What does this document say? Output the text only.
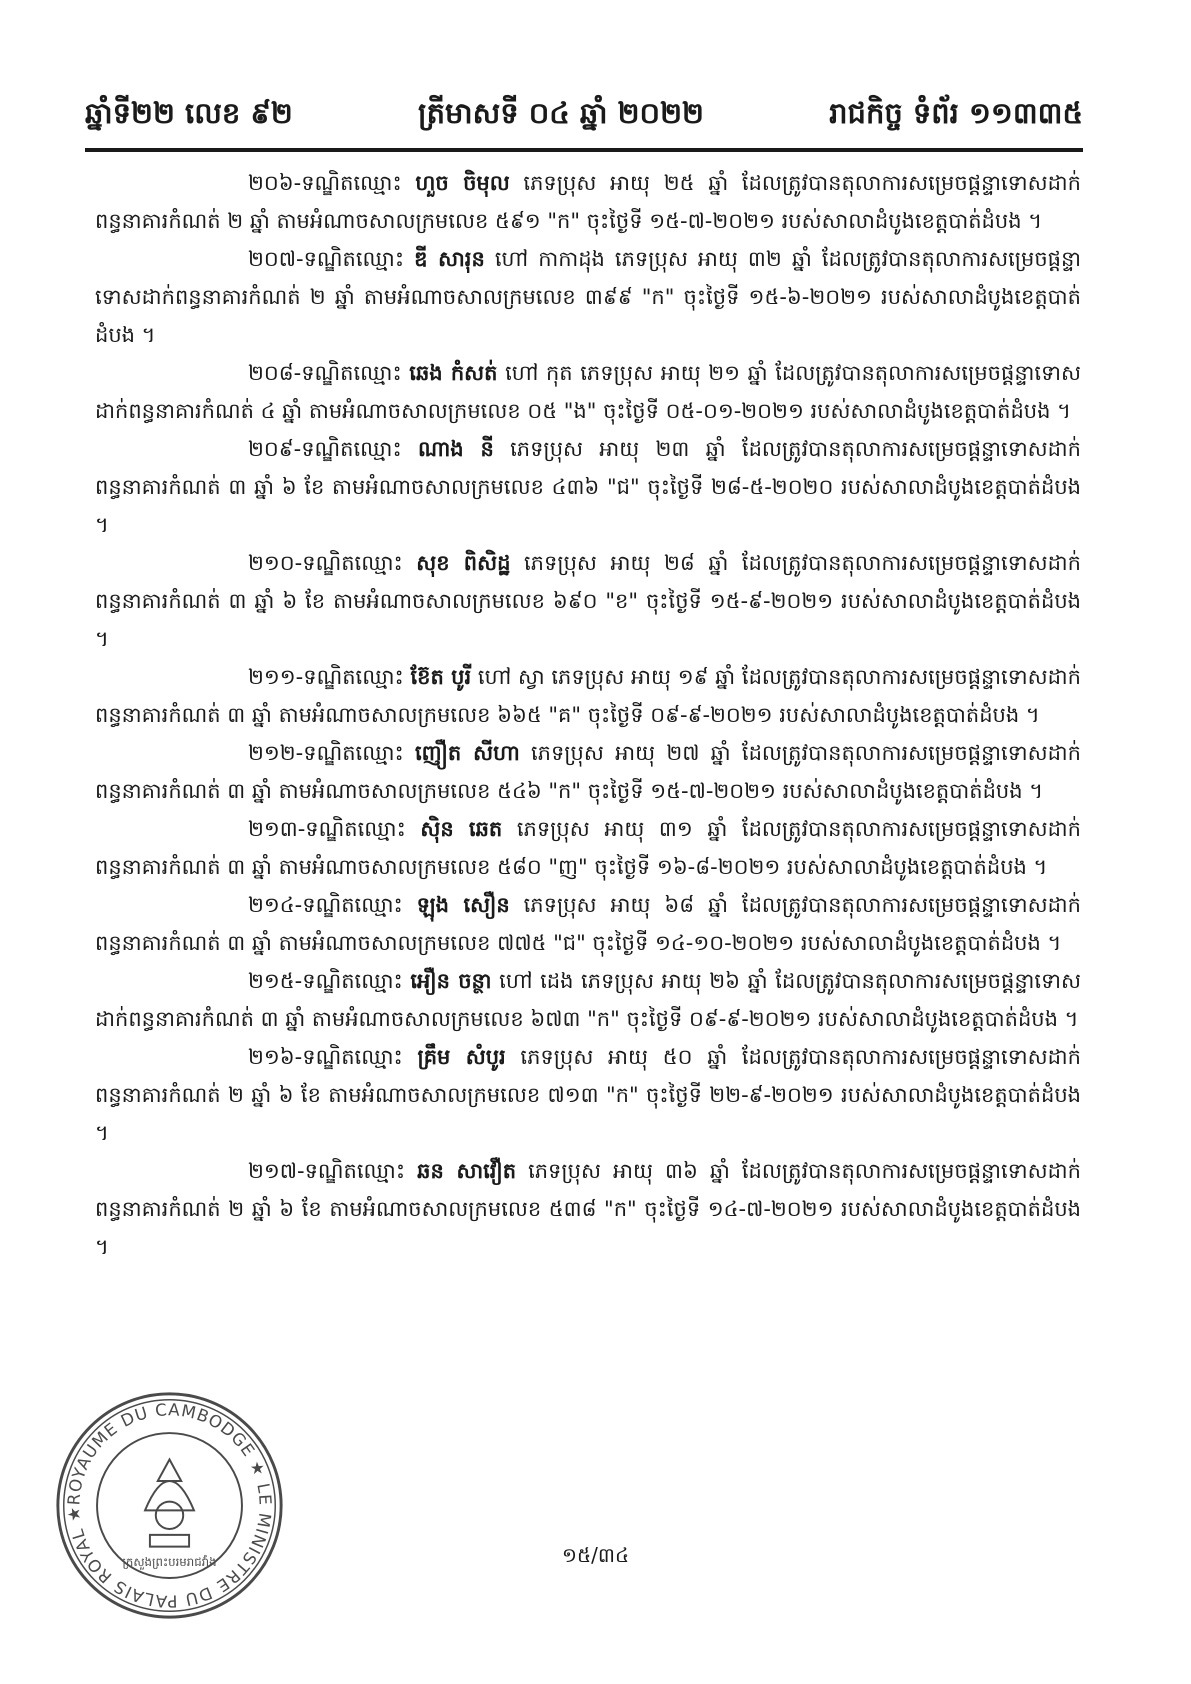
ឆ្នាំទី២២ លេខ ៩២	ត្រីមាសទី ០៤ ឆ្នាំ ២០២២	រាជកិច្ច ទំព័រ ១១៣៣៥

២០៦-ទណ្ឌិតឈ្មោះ ហួច ចិមុល ភេទប្រុស អាយុ ២៥ ឆ្នាំ ដែលត្រូវបានតុលាការសម្រេចផ្តន្ទាទោសដាក់ពន្ធនាគារកំណត់ ២ ឆ្នាំ តាមអំណាចសាលក្រមលេខ ៥៩១ "ក" ចុះថ្ងៃទី ១៥-៧-២០២១ របស់សាលាដំបូងខេត្តបាត់ដំបង ។

២០៧-ទណ្ឌិតឈ្មោះ ឌី សារុន ហៅ កាកាដុង ភេទប្រុស អាយុ ៣២ ឆ្នាំ ដែលត្រូវបានតុលាការសម្រេចផ្តន្ទាទោសដាក់ពន្ធនាគារកំណត់ ២ ឆ្នាំ តាមអំណាចសាលក្រមលេខ ៣៩៩ "ក" ចុះថ្ងៃទី ១៥-៦-២០២១ របស់សាលាដំបូងខេត្តបាត់ដំបង ។

២០៨-ទណ្ឌិតឈ្មោះ ឆេង កំសត់ ហៅ កុត ភេទប្រុស អាយុ ២១ ឆ្នាំ ដែលត្រូវបានតុលាការសម្រេចផ្តន្ទាទោសដាក់ពន្ធនាគារកំណត់ ៤ ឆ្នាំ តាមអំណាចសាលក្រមលេខ ០៥ "ង" ចុះថ្ងៃទី ០៥-០១-២០២១ របស់សាលាដំបូងខេត្តបាត់ដំបង ។

២០៩-ទណ្ឌិតឈ្មោះ ណាង នី ភេទប្រុស អាយុ ២៣ ឆ្នាំ ដែលត្រូវបានតុលាការសម្រេចផ្តន្ទាទោសដាក់ពន្ធនាគារកំណត់ ៣ ឆ្នាំ ៦ ខែ តាមអំណាចសាលក្រមលេខ ៤៣៦ "ជ" ចុះថ្ងៃទី ២៨-៥-២០២០ របស់សាលាដំបូងខេត្តបាត់ដំបង ។

២១០-ទណ្ឌិតឈ្មោះ សុខ ពិសិដ្ឋ ភេទប្រុស អាយុ ២៨ ឆ្នាំ ដែលត្រូវបានតុលាការសម្រេចផ្តន្ទាទោសដាក់ពន្ធនាគារកំណត់ ៣ ឆ្នាំ ៦ ខែ តាមអំណាចសាលក្រមលេខ ៦៩០ "ខ" ចុះថ្ងៃទី ១៥-៩-២០២១ របស់សាលាដំបូងខេត្តបាត់ដំបង ។

២១១-ទណ្ឌិតឈ្មោះ ខ៊ែត បូរី ហៅ ស្វា ភេទប្រុស អាយុ ១៩ ឆ្នាំ ដែលត្រូវបានតុលាការសម្រេចផ្តន្ទាទោសដាក់ពន្ធនាគារកំណត់ ៣ ឆ្នាំ តាមអំណាចសាលក្រមលេខ ៦៦៥ "គ" ចុះថ្ងៃទី ០៩-៩-២០២១ របស់សាលាដំបូងខេត្តបាត់ដំបង ។

២១២-ទណ្ឌិតឈ្មោះ ញឿត សីហា ភេទប្រុស អាយុ ២៧ ឆ្នាំ ដែលត្រូវបានតុលាការសម្រេចផ្តន្ទាទោសដាក់ពន្ធនាគារកំណត់ ៣ ឆ្នាំ តាមអំណាចសាលក្រមលេខ ៥៤៦ "ក" ចុះថ្ងៃទី ១៥-៧-២០២១ របស់សាលាដំបូងខេត្តបាត់ដំបង ។

២១៣-ទណ្ឌិតឈ្មោះ ស៊ិន ឆេត ភេទប្រុស អាយុ ៣១ ឆ្នាំ ដែលត្រូវបានតុលាការសម្រេចផ្តន្ទាទោសដាក់ពន្ធនាគារកំណត់ ៣ ឆ្នាំ តាមអំណាចសាលក្រមលេខ ៥៨០ "ញ" ចុះថ្ងៃទី ១៦-៨-២០២១ របស់សាលាដំបូងខេត្តបាត់ដំបង ។

២១៤-ទណ្ឌិតឈ្មោះ ឡុង សឿន ភេទប្រុស អាយុ ៦៨ ឆ្នាំ ដែលត្រូវបានតុលាការសម្រេចផ្តន្ទាទោសដាក់ពន្ធនាគារកំណត់ ៣ ឆ្នាំ តាមអំណាចសាលក្រមលេខ ៧៧៥ "ជ" ចុះថ្ងៃទី ១៤-១០-២០២១ របស់សាលាដំបូងខេត្តបាត់ដំបង ។

២១៥-ទណ្ឌិតឈ្មោះ អឿន ចន្ថា ហៅ ដេង ភេទប្រុស អាយុ ២៦ ឆ្នាំ ដែលត្រូវបានតុលាការសម្រេចផ្តន្ទាទោសដាក់ពន្ធនាគារកំណត់ ៣ ឆ្នាំ តាមអំណាចសាលក្រមលេខ ៦៧៣ "ក" ចុះថ្ងៃទី ០៩-៩-២០២១ របស់សាលាដំបូងខេត្តបាត់ដំបង ។

២១៦-ទណ្ឌិតឈ្មោះ គ្រឹម សំបូរ ភេទប្រុស អាយុ ៥០ ឆ្នាំ ដែលត្រូវបានតុលាការសម្រេចផ្តន្ទាទោសដាក់ពន្ធនាគារកំណត់ ២ ឆ្នាំ ៦ ខែ តាមអំណាចសាលក្រមលេខ ៧១៣ "ក" ចុះថ្ងៃទី ២២-៩-២០២១ របស់សាលាដំបូងខេត្តបាត់ដំបង ។

២១៧-ទណ្ឌិតឈ្មោះ ឆន សាវឿត ភេទប្រុស អាយុ ៣៦ ឆ្នាំ ដែលត្រូវបានតុលាការសម្រេចផ្តន្ទាទោសដាក់ពន្ធនាគារកំណត់ ២ ឆ្នាំ ៦ ខែ តាមអំណាចសាលក្រមលេខ ៥៣៨ "ក" ចុះថ្ងៃទី ១៤-៧-២០២១ របស់សាលាដំបូងខេត្តបាត់ដំបង ។

១៥/៣៤
ROYAUME DU CAMBODGE ★ LE MINISTRE DU PALAIS ROYAL ★
ក្រសួងព្រះបរមរាជវាំង
